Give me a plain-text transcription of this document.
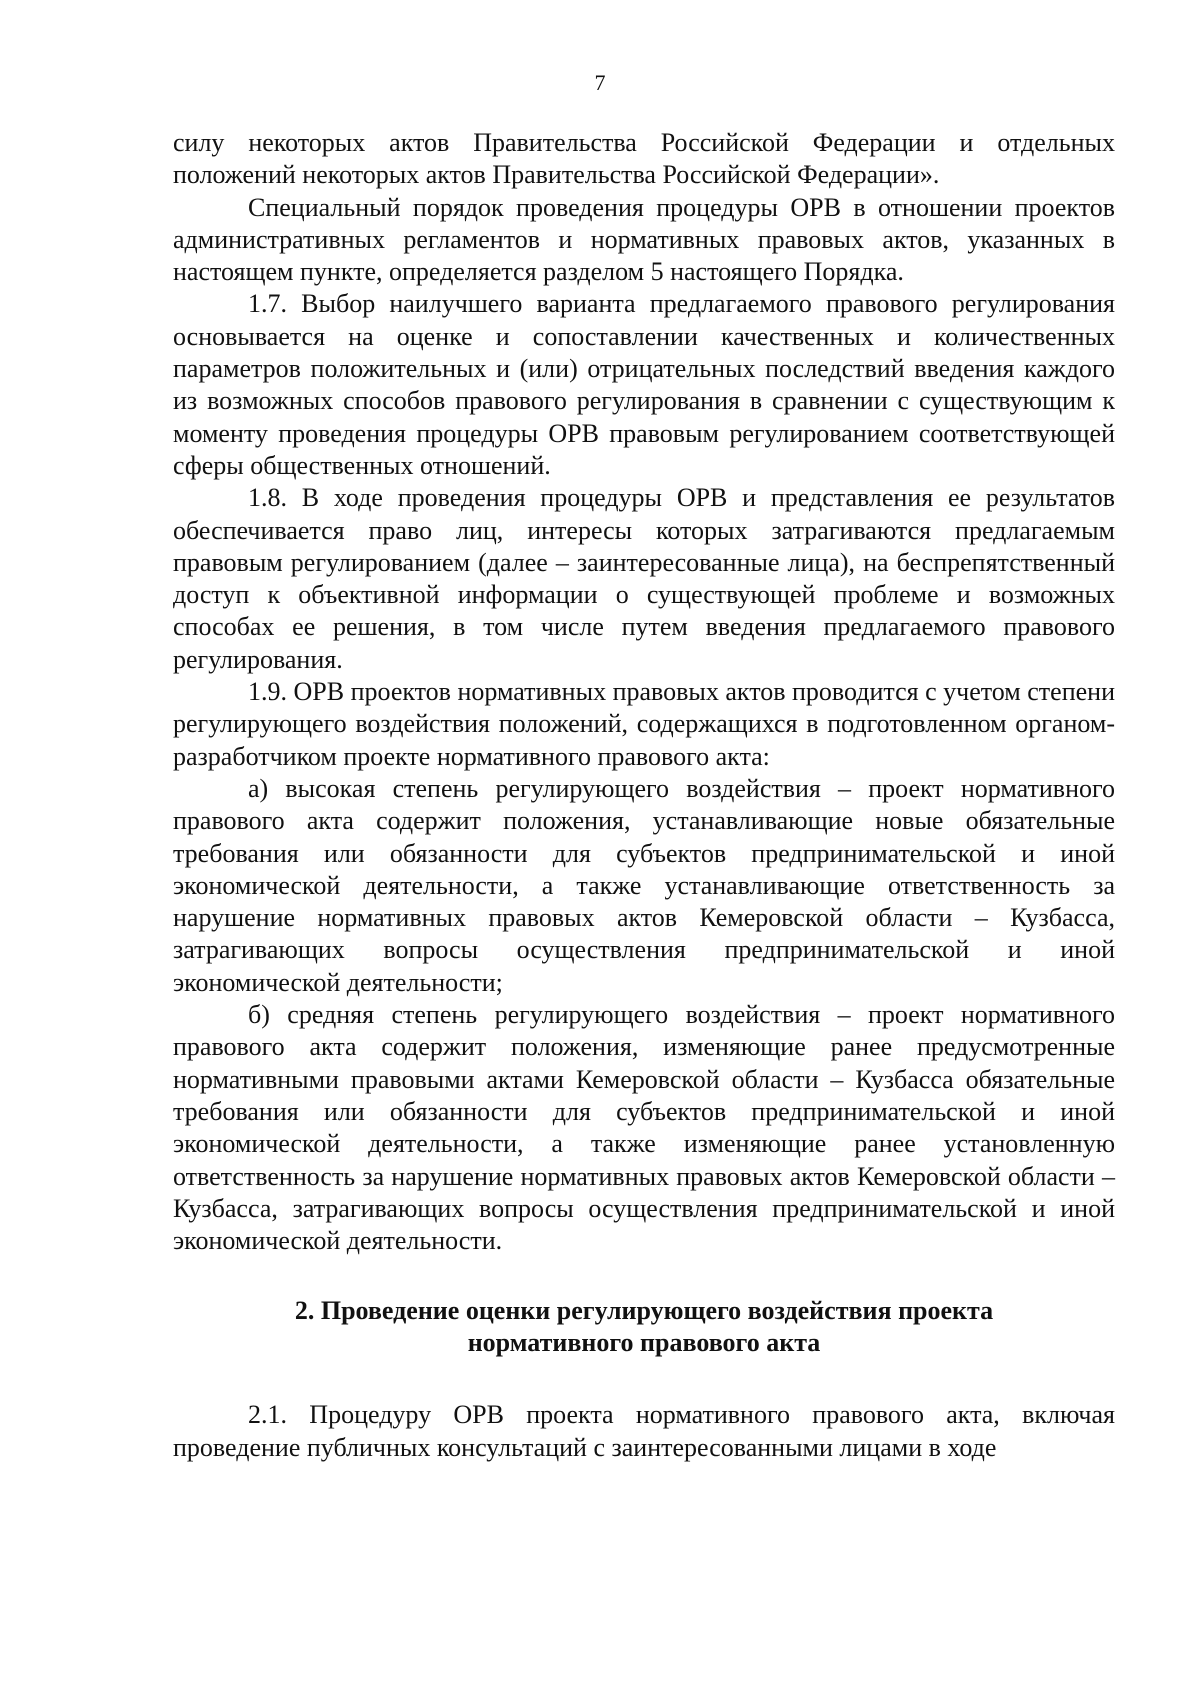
7

силу некоторых актов Правительства Российской Федерации и отдельных положений некоторых актов Правительства Российской Федерации».

Специальный порядок проведения процедуры ОРВ в отношении проектов административных регламентов и нормативных правовых актов, указанных в настоящем пункте, определяется разделом 5 настоящего Порядка.

1.7. Выбор наилучшего варианта предлагаемого правового регулирования основывается на оценке и сопоставлении качественных и количественных параметров положительных и (или) отрицательных последствий введения каждого из возможных способов правового регулирования в сравнении с существующим к моменту проведения процедуры ОРВ правовым регулированием соответствующей сферы общественных отношений.

1.8. В ходе проведения процедуры ОРВ и представления ее результатов обеспечивается право лиц, интересы которых затрагиваются предлагаемым правовым регулированием (далее – заинтересованные лица), на беспрепятственный доступ к объективной информации о существующей проблеме и возможных способах ее решения, в том числе путем введения предлагаемого правового регулирования.

1.9. ОРВ проектов нормативных правовых актов проводится с учетом степени регулирующего воздействия положений, содержащихся в подготовленном органом-разработчиком проекте нормативного правового акта:

а) высокая степень регулирующего воздействия – проект нормативного правового акта содержит положения, устанавливающие новые обязательные требования или обязанности для субъектов предпринимательской и иной экономической деятельности, а также устанавливающие ответственность за нарушение нормативных правовых актов Кемеровской области – Кузбасса, затрагивающих вопросы осуществления предпринимательской и иной экономической деятельности;

б) средняя степень регулирующего воздействия – проект нормативного правового акта содержит положения, изменяющие ранее предусмотренные нормативными правовыми актами Кемеровской области – Кузбасса обязательные требования или обязанности для субъектов предпринимательской и иной экономической деятельности, а также изменяющие ранее установленную ответственность за нарушение нормативных правовых актов Кемеровской области – Кузбасса, затрагивающих вопросы осуществления предпринимательской и иной экономической деятельности.

2. Проведение оценки регулирующего воздействия проекта

нормативного правового акта

2.1. Процедуру ОРВ проекта нормативного правового акта, включая проведение публичных консультаций с заинтересованными лицами в ходе
